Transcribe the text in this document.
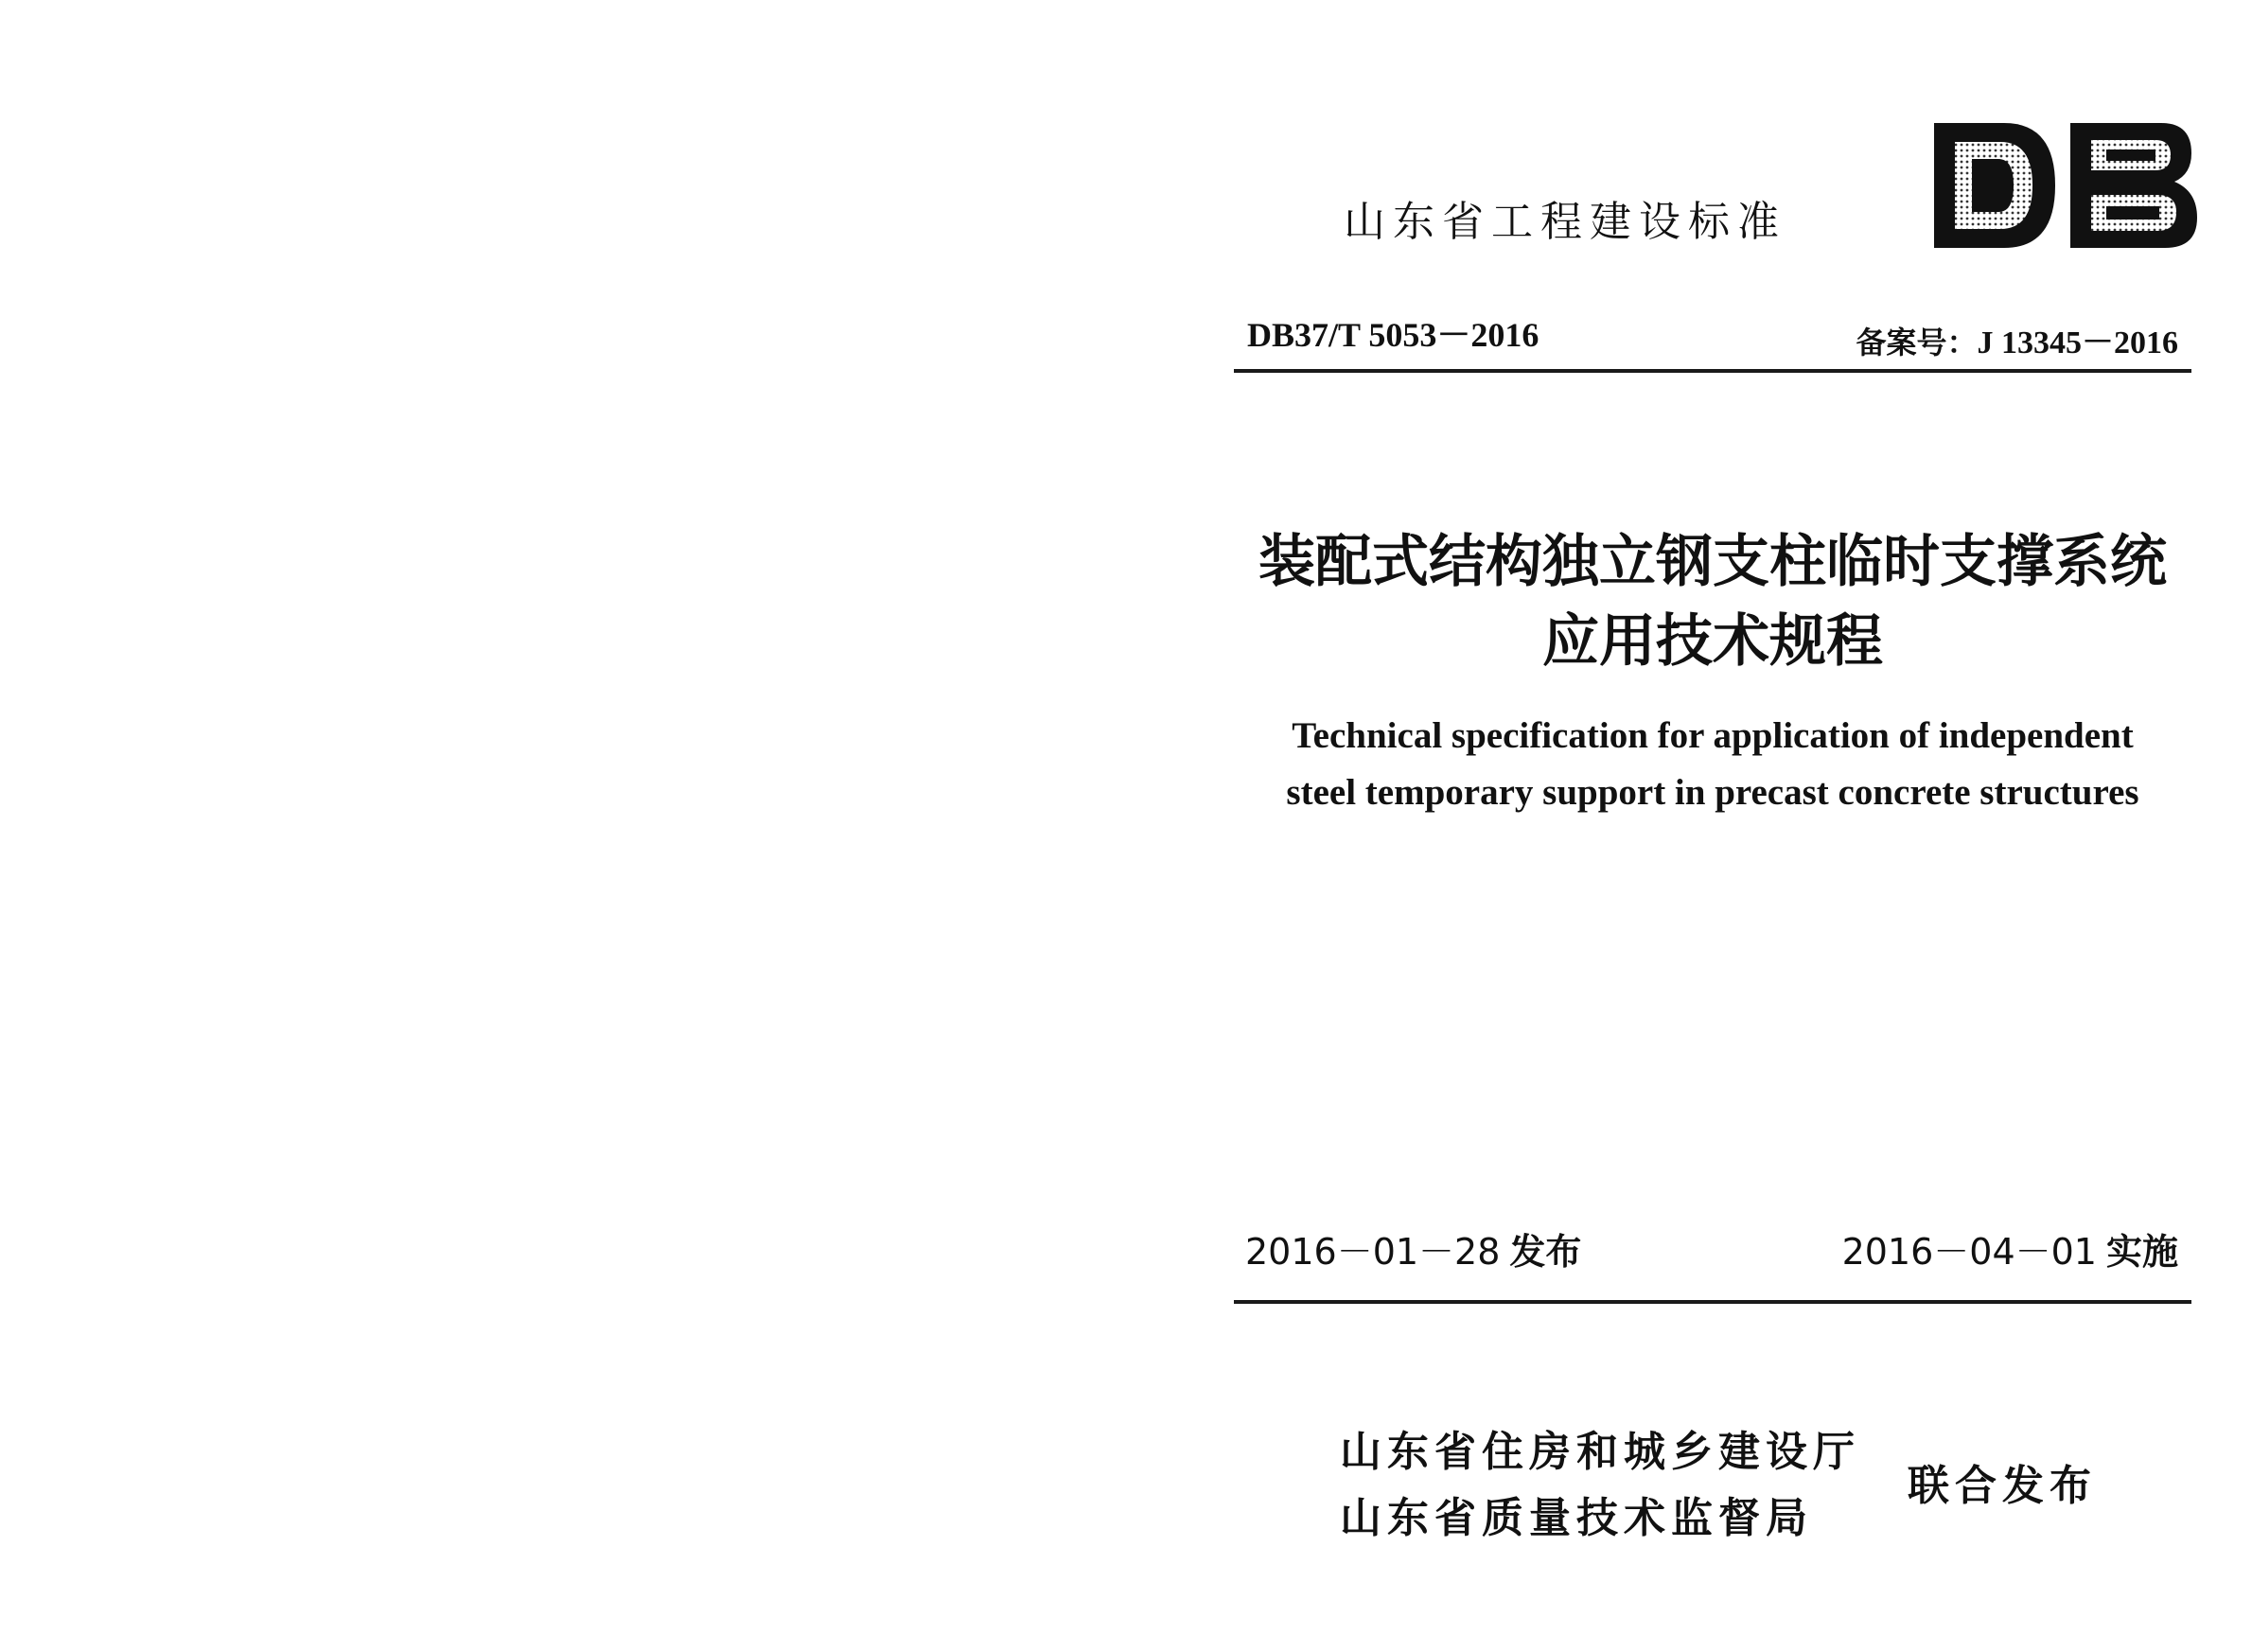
山东省工程建设标准
DB37/T 5053－2016	备案号：J 13345－2016
装配式结构独立钢支柱临时支撑系统
应用技术规程
Technical specification for application of independent
steel temporary support in precast concrete structures
2016－01－28 发布	2016－04－01 实施
山东省住房和城乡建设厅
山东省质量技术监督局
联合发布
